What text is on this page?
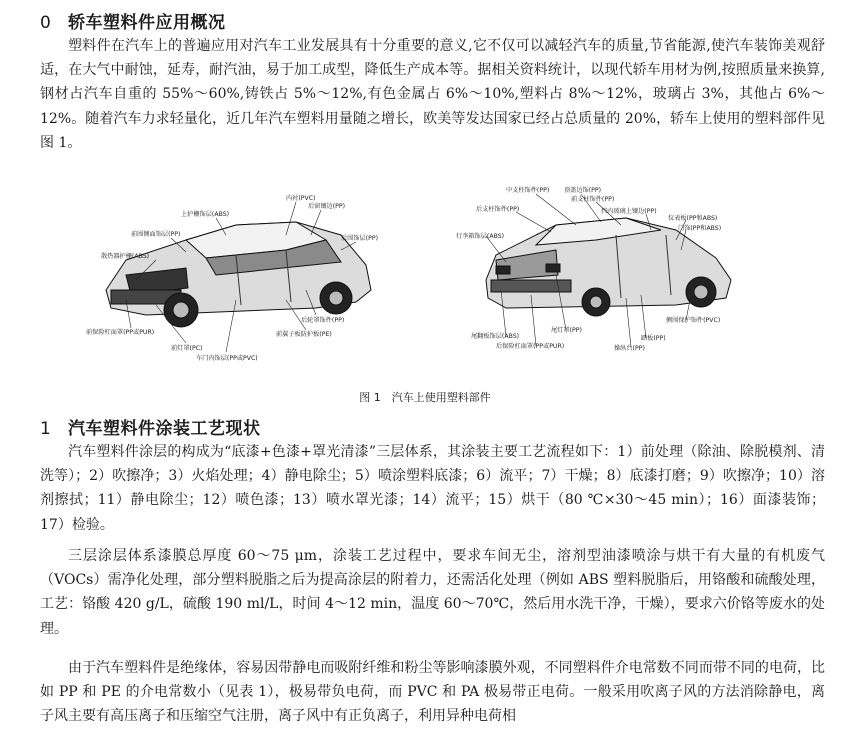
0 轿车塑料件应用概况

塑料件在汽车上的普遍应用对汽车工业发展具有十分重要的意义,它不仅可以减轻汽车的质量,节省能源,使汽车装饰美观舒适，在大气中耐蚀，延寿，耐汽油，易于加工成型，降低生产成本等。据相关资料统计，以现代轿车用材为例,按照质量来换算,钢材占汽车自重的 55%～60%,铸铁占 5%～12%,有色金属占 6%～10%,塑料占 8%～12%，玻璃占 3%，其他占 6%～12%。随着汽车力求轻量化，近几年汽车塑料用量随之增长，欧美等发达国家已经占总质量的 20%，轿车上使用的塑料部件见图 1。

内衬(PVC)
后窗镶边(PP)
上护栅饰层(ABS)
前围侧面饰层(PP)
后围饰层(PP)
散热器护栅(ABS)
后轮罩饰件(PP)
前翼子板防护板(PE)
前保险杠面罩(PP或PUR)
前灯罩(PC)
车门内饰层(PP或PVC)
中支柱饰件(PP) 顶盖边饰(PP)
前支柱饰件(PP)
后支柱饰件(PP)	挡内玻璃上镶边(PP)
仪表板(PP和ABS)
门饰(PP和ABS)
行李箱饰层(ABS)
尾灯罩(PP)
侧围保护饰件(PVC)
尾翻板饰层(ABS)
后保险杠面罩(PP或PUR)
踏板(PP)
操纵台(PP)
图 1　汽车上使用塑料部件
1 汽车塑料件涂装工艺现状

汽车塑料件涂层的构成为“底漆+色漆+罩光清漆”三层体系，其涂装主要工艺流程如下：1）前处理（除油、除脱模剂、清洗等）；2）吹擦净；3）火焰处理；4）静电除尘；5）喷涂塑料底漆；6）流平；7）干燥；8）底漆打磨；9）吹擦净；10）溶剂擦拭；11）静电除尘；12）喷色漆；13）喷水罩光漆；14）流平；15）烘干（80 ℃×30～45 min）；16）面漆装饰；17）检验。

三层涂层体系漆膜总厚度 60～75 μm，涂装工艺过程中，要求车间无尘，溶剂型油漆喷涂与烘干有大量的有机废气（VOCs）需净化处理，部分塑料脱脂之后为提高涂层的附着力，还需活化处理（例如 ABS 塑料脱脂后，用铬酸和硫酸处理，工艺：铬酸 420 g/L，硫酸 190 ml/L，时间 4～12 min，温度 60～70℃，然后用水洗干净，干燥），要求六价铬等废水的处理。

由于汽车塑料件是绝缘体，容易因带静电而吸附纤维和粉尘等影响漆膜外观，不同塑料件介电常数不同而带不同的电荷，比如 PP 和 PE 的介电常数小（见表 1），极易带负电荷，而 PVC 和 PA 极易带正电荷。一般采用吹离子风的方法消除静电，离子风主要有高压离子和压缩空气注册，离子风中有正负离子，利用异种电荷相
